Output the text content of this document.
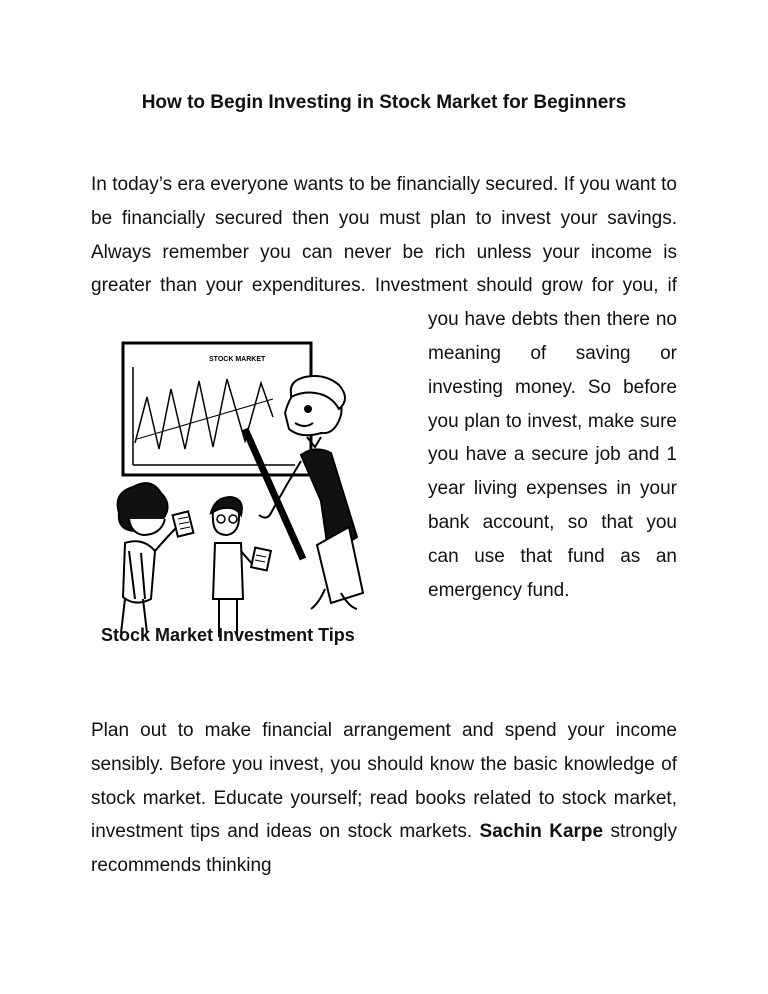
How to Begin Investing in Stock Market for Beginners

In today’s era everyone wants to be financially secured. If you want to be financially secured then you must plan to invest your savings. Always remember you can never be rich unless your income is greater than your expenditures.
STOCK MARKET
Stock Market Investment Tips
Investment should grow for you, if you have debts then there no meaning of saving or investing money. So before you plan to invest, make sure you have a secure job and 1 year living expenses in your bank account, so that you can use that fund as an emergency fund.

Plan out to make financial arrangement and spend your income sensibly. Before you invest, you should know the basic knowledge of stock market. Educate yourself; read books related to stock market, investment tips and ideas on stock markets. Sachin Karpe strongly recommends thinking
